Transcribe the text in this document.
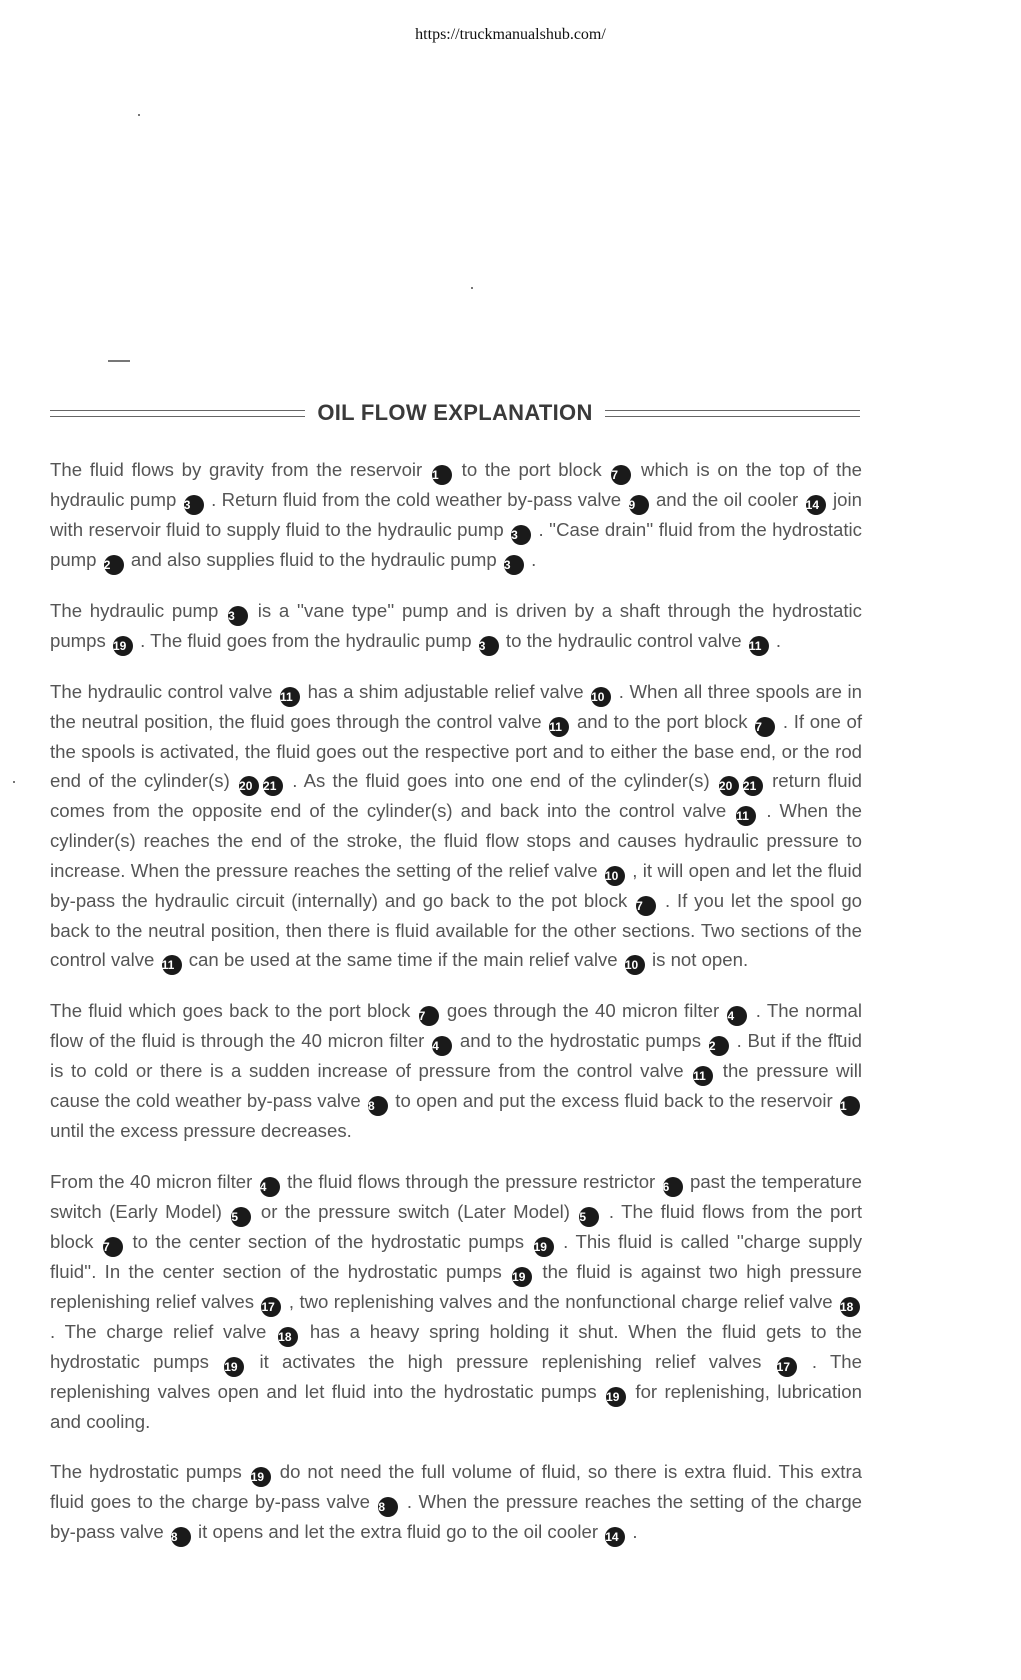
https://truckmanualshub.com/
OIL FLOW EXPLANATION

The fluid flows by gravity from the reservoir 1 to the port block 7 which is on the top of the hydraulic pump 3 . Return fluid from the cold weather by-pass valve 9 and the oil cooler 14 join with reservoir fluid to supply fluid to the hydraulic pump 3 . ''Case drain'' fluid from the hydrostatic pump 2 and also supplies fluid to the hydraulic pump 3 .

The hydraulic pump 3 is a ''vane type'' pump and is driven by a shaft through the hydrostatic pumps 19 . The fluid goes from the hydraulic pump 3 to the hydraulic control valve 11 .

The hydraulic control valve 11 has a shim adjustable relief valve 10 . When all three spools are in the neutral position, the fluid goes through the control valve 11 and to the port block 7 . If one of the spools is activated, the fluid goes out the respective port and to either the base end, or the rod end of the cylinder(s) 20 21 . As the fluid goes into one end of the cylinder(s) 20 21 return fluid comes from the opposite end of the cylinder(s) and back into the control valve 11 . When the cylinder(s) reaches the end of the stroke, the fluid flow stops and causes hydraulic pressure to increase. When the pressure reaches the setting of the relief valve 10 , it will open and let the fluid by-pass the hydraulic circuit (internally) and go back to the pot block 7 . If you let the spool go back to the neutral position, then there is fluid available for the other sections. Two sections of the control valve 11 can be used at the same time if the main relief valve 10 is not open.

The fluid which goes back to the port block 7 goes through the 40 micron filter 4 . The normal flow of the fluid is through the 40 micron filter 4 and to the hydrostatic pumps 2 . But if the fluid is to cold or there is a sudden increase of pressure from the control valve 11 the pressure will cause the cold weather by-pass valve 8 to open and put the excess fluid back to the reservoir 1 until the excess pressure decreases.

From the 40 micron filter 4 the fluid flows through the pressure restrictor 6 past the temperature switch (Early Model) 5 or the pressure switch (Later Model) 5 . The fluid flows from the port block 7 to the center section of the hydrostatic pumps 19 . This fluid is called ''charge supply fluid''. In the center section of the hydrostatic pumps 19 the fluid is against two high pressure replenishing relief valves 17 , two replenishing valves and the nonfunctional charge relief valve 18 . The charge relief valve 18 has a heavy spring holding it shut. When the fluid gets to the hydrostatic pumps 19 it activates the high pressure replenishing relief valves 17 . The replenishing valves open and let fluid into the hydrostatic pumps 19 for replenishing, lubrication and cooling.

The hydrostatic pumps 19 do not need the full volume of fluid, so there is extra fluid. This extra fluid goes to the charge by-pass valve 8 . When the pressure reaches the setting of the charge by-pass valve 8 it opens and let the extra fluid go to the oil cooler 14 .
